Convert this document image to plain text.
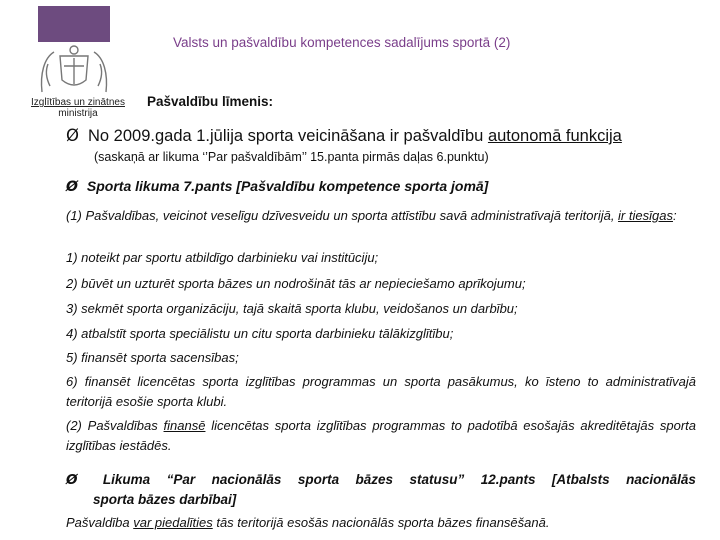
Izglītības un zinātnes
ministrija
Valsts un pašvaldību kompetences sadalījums sportā (2)
Pašvaldību līmenis:
Ø No 2009.gada 1.jūlija sporta veicināšana ir pašvaldību autonomā funkcija
(saskaņā ar likuma ‘’Par pašvaldībām’’ 15.panta pirmās daļas 6.punktu)
Ø Sporta likuma 7.pants [Pašvaldību kompetence sporta jomā]
(1) Pašvaldības, veicinot veselīgu dzīvesveidu un sporta attīstību savā administratīvajā teritorijā, ir tiesīgas:
1) noteikt par sportu atbildīgo darbinieku vai institūciju;
2) būvēt un uzturēt sporta bāzes un nodrošināt tās ar nepieciešamo aprīkojumu;
3) sekmēt sporta organizāciju, tajā skaitā sporta klubu, veidošanos un darbību;
4) atbalstīt sporta speciālistu un citu sporta darbinieku tālākizglītību;
5) finansēt sporta sacensības;
6) finansēt licencētas sporta izglītības programmas un sporta pasākumus, ko īsteno to administratīvajā teritorijā esošie sporta klubi.
(2) Pašvaldības finansē licencētas sporta izglītības programmas to padotībā esošajās akreditētajās sporta izglītības iestādēs.
Ø Likuma “Par nacionālās sporta bāzes statusu” 12.pants [Atbalsts nacionālās
sporta bāzes darbībai]
Pašvaldība var piedalīties tās teritorijā esošās nacionālās sporta bāzes finansēšanā.
